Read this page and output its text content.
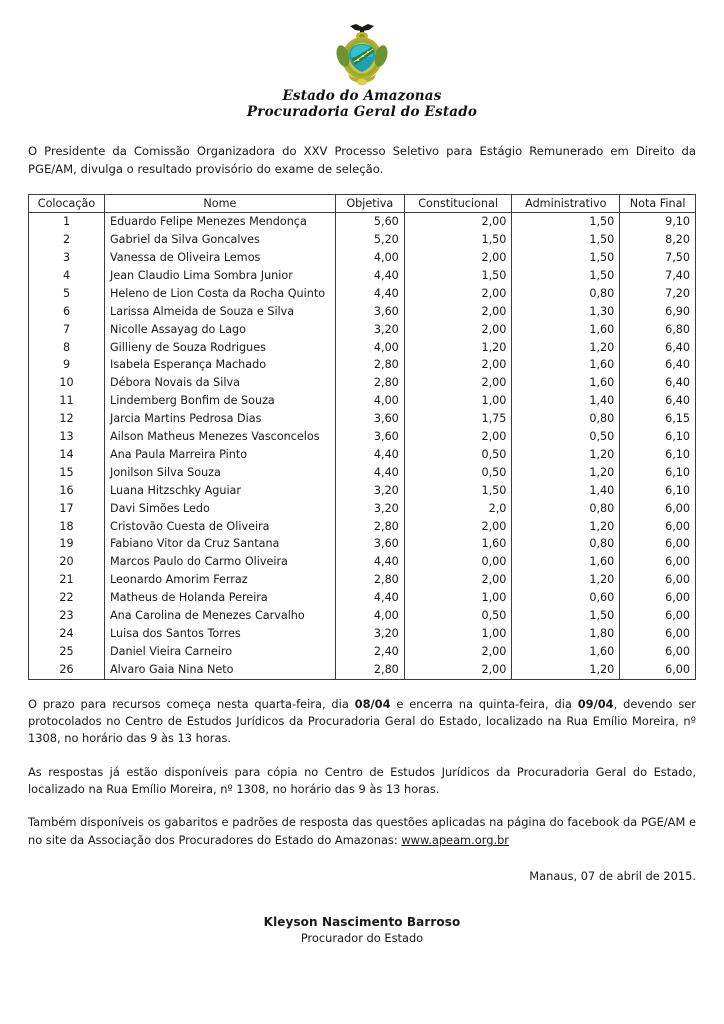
Estado do Amazonas
Procuradoria Geral do Estado

O Presidente da Comissão Organizadora do XXV Processo Seletivo para Estágio Remunerado em Direito da PGE/AM, divulga o resultado provisório do exame de seleção.

Colocação	Nome	Objetiva	Constitucional	Administrativo	Nota Final
1	Eduardo Felipe Menezes Mendonça	5,60	2,00	1,50	9,10
2	Gabriel da Silva Goncalves	5,20	1,50	1,50	8,20
3	Vanessa de Oliveira Lemos	4,00	2,00	1,50	7,50
4	Jean Claudio Lima Sombra Junior	4,40	1,50	1,50	7,40
5	Heleno de Lion Costa da Rocha Quinto	4,40	2,00	0,80	7,20
6	Larissa Almeida de Souza e Silva	3,60	2,00	1,30	6,90
7	Nicolle Assayag do Lago	3,20	2,00	1,60	6,80
8	Gillieny de Souza Rodrigues	4,00	1,20	1,20	6,40
9	Isabela Esperança Machado	2,80	2,00	1,60	6,40
10	Débora Novais da Silva	2,80	2,00	1,60	6,40
11	Lindemberg Bonfim de Souza	4,00	1,00	1,40	6,40
12	Jarcia Martins Pedrosa Dias	3,60	1,75	0,80	6,15
13	Ailson Matheus Menezes Vasconcelos	3,60	2,00	0,50	6,10
14	Ana Paula Marreira Pinto	4,40	0,50	1,20	6,10
15	Jonilson Silva Souza	4,40	0,50	1,20	6,10
16	Luana Hitzschky Aguiar	3,20	1,50	1,40	6,10
17	Davi Simões Ledo	3,20	2,0	0,80	6,00
18	Cristovão Cuesta de Oliveira	2,80	2,00	1,20	6,00
19	Fabiano Vitor da Cruz Santana	3,60	1,60	0,80	6,00
20	Marcos Paulo do Carmo Oliveira	4,40	0,00	1,60	6,00
21	Leonardo Amorim Ferraz	2,80	2,00	1,20	6,00
22	Matheus de Holanda Pereira	4,40	1,00	0,60	6,00
23	Ana Carolina de Menezes Carvalho	4,00	0,50	1,50	6,00
24	Luisa dos Santos Torres	3,20	1,00	1,80	6,00
25	Daniel Vieira Carneiro	2,40	2,00	1,60	6,00
26	Alvaro Gaia Nina Neto	2,80	2,00	1,20	6,00

O prazo para recursos começa nesta quarta-feira, dia 08/04 e encerra na quinta-feira, dia 09/04, devendo ser protocolados no Centro de Estudos Jurídicos da Procuradoria Geral do Estado, localizado na Rua Emílio Moreira, nº 1308, no horário das 9 às 13 horas.

As respostas já estão disponíveis para cópia no Centro de Estudos Jurídicos da Procuradoria Geral do Estado, localizado na Rua Emílio Moreira, nº 1308, no horário das 9 às 13 horas.

Também disponíveis os gabaritos e padrões de resposta das questões aplicadas na página do facebook da PGE/AM e no site da Associação dos Procuradores do Estado do Amazonas: www.apeam.org.br

Manaus, 07 de abril de 2015.

Kleyson Nascimento Barroso
Procurador do Estado
